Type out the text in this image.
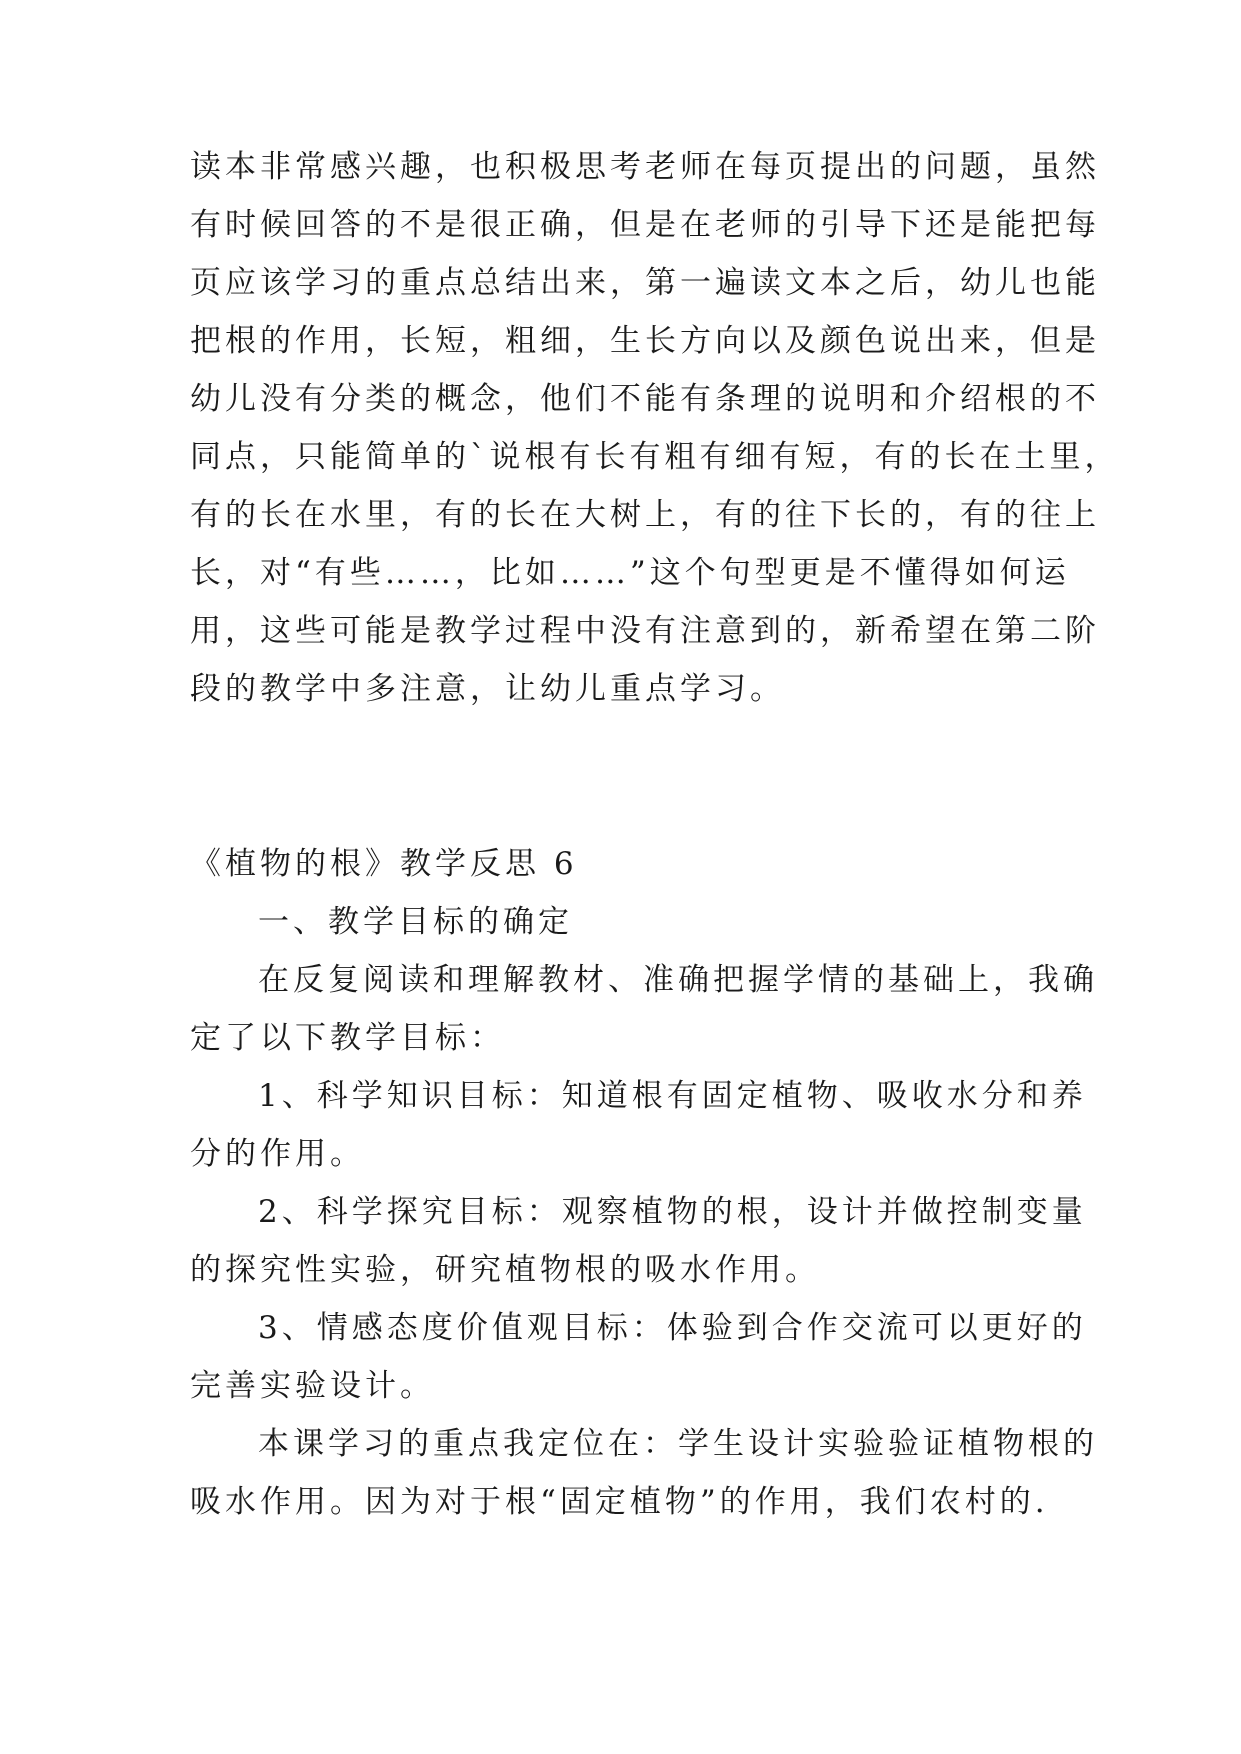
读本非常感兴趣，也积极思考老师在每页提出的问题，虽然
有时候回答的不是很正确，但是在老师的引导下还是能把每
页应该学习的重点总结出来，第一遍读文本之后，幼儿也能
把根的作用，长短，粗细，生长方向以及颜色说出来，但是
幼儿没有分类的概念，他们不能有条理的说明和介绍根的不
同点，只能简单的`说根有长有粗有细有短，有的长在土里，
有的长在水里，有的长在大树上，有的往下长的，有的往上
长，对“有些……，比如……”这个句型更是不懂得如何运
用，这些可能是教学过程中没有注意到的，新希望在第二阶
段的教学中多注意，让幼儿重点学习。
《植物的根》教学反思 6
一、教学目标的确定
在反复阅读和理解教材、准确把握学情的基础上，我确
定了以下教学目标：
1、科学知识目标：知道根有固定植物、吸收水分和养
分的作用。
2、科学探究目标：观察植物的根，设计并做控制变量
的探究性实验，研究植物根的吸水作用。
3、情感态度价值观目标：体验到合作交流可以更好的
完善实验设计。
本课学习的重点我定位在：学生设计实验验证植物根的
吸水作用。因为对于根“固定植物”的作用，我们农村的.
